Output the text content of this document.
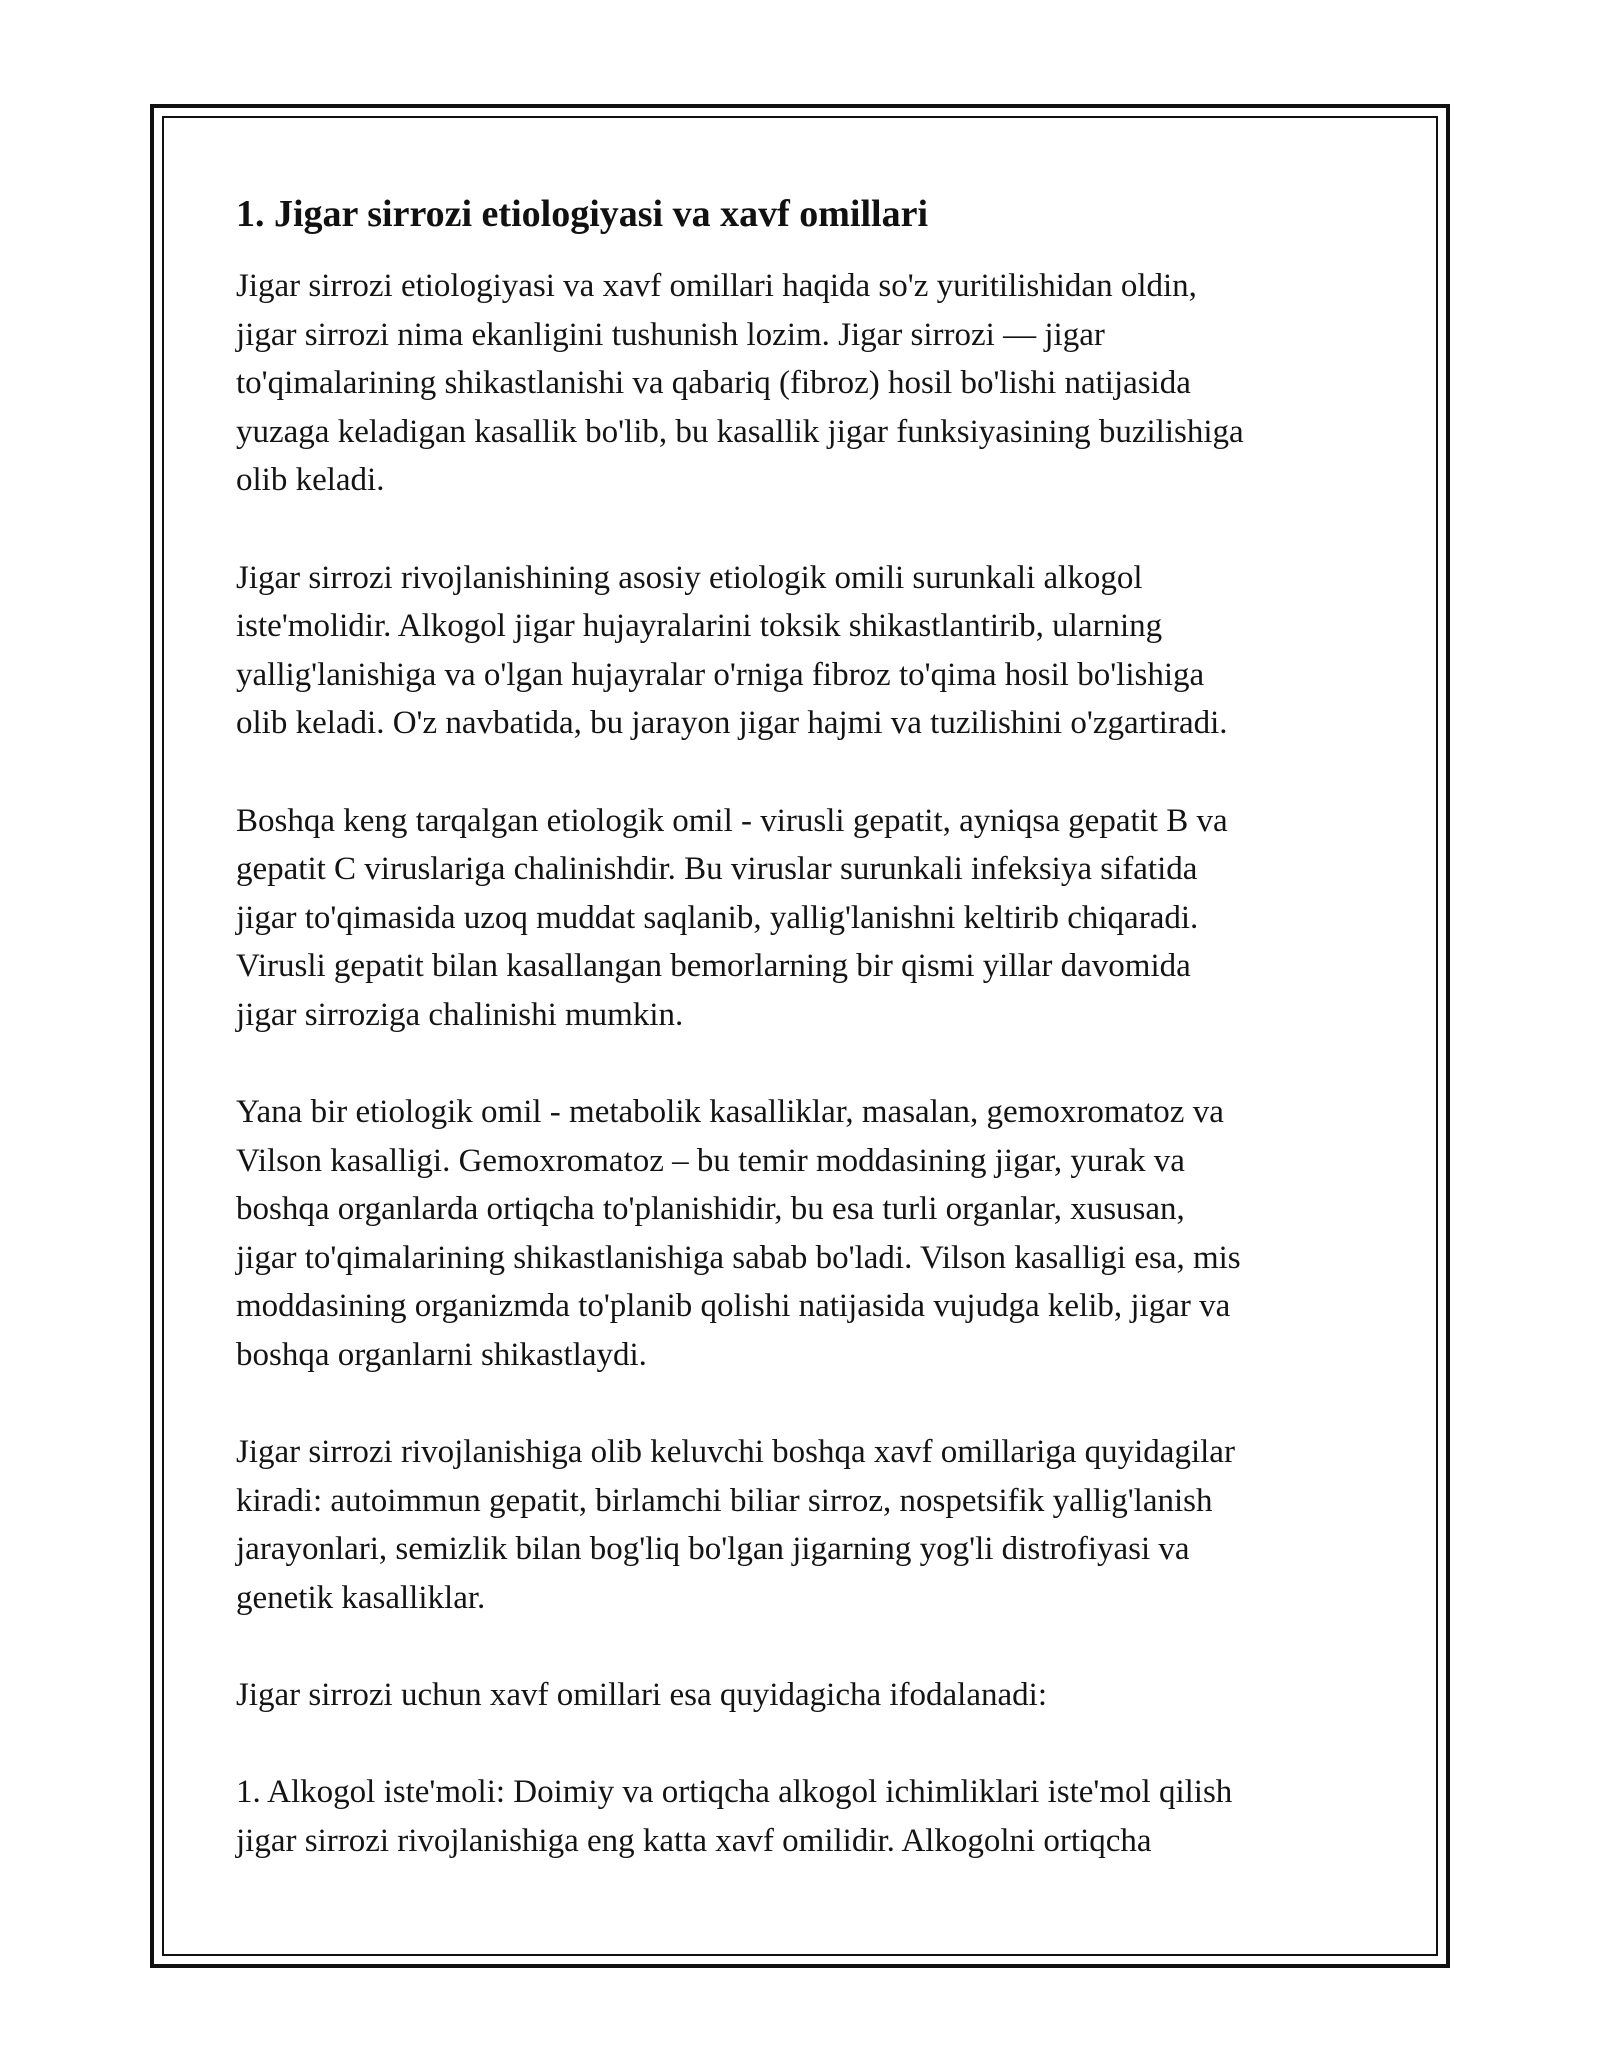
1. Jigar sirrozi etiologiyasi va xavf omillari

Jigar sirrozi etiologiyasi va xavf omillari haqida so'z yuritilishidan oldin,
jigar sirrozi nima ekanligini tushunish lozim. Jigar sirrozi — jigar
to'qimalarining shikastlanishi va qabariq (fibroz) hosil bo'lishi natijasida
yuzaga keladigan kasallik bo'lib, bu kasallik jigar funksiyasining buzilishiga
olib keladi.

Jigar sirrozi rivojlanishining asosiy etiologik omili surunkali alkogol
iste'molidir. Alkogol jigar hujayralarini toksik shikastlantirib, ularning
yallig'lanishiga va o'lgan hujayralar o'rniga fibroz to'qima hosil bo'lishiga
olib keladi. O'z navbatida, bu jarayon jigar hajmi va tuzilishini o'zgartiradi.

Boshqa keng tarqalgan etiologik omil - virusli gepatit, ayniqsa gepatit B va
gepatit C viruslariga chalinishdir. Bu viruslar surunkali infeksiya sifatida
jigar to'qimasida uzoq muddat saqlanib, yallig'lanishni keltirib chiqaradi.
Virusli gepatit bilan kasallangan bemorlarning bir qismi yillar davomida
jigar sirroziga chalinishi mumkin.

Yana bir etiologik omil - metabolik kasalliklar, masalan, gemoxromatoz va
Vilson kasalligi. Gemoxromatoz – bu temir moddasining jigar, yurak va
boshqa organlarda ortiqcha to'planishidir, bu esa turli organlar, xususan,
jigar to'qimalarining shikastlanishiga sabab bo'ladi. Vilson kasalligi esa, mis
moddasining organizmda to'planib qolishi natijasida vujudga kelib, jigar va
boshqa organlarni shikastlaydi.

Jigar sirrozi rivojlanishiga olib keluvchi boshqa xavf omillariga quyidagilar
kiradi: autoimmun gepatit, birlamchi biliar sirroz, nospetsifik yallig'lanish
jarayonlari, semizlik bilan bog'liq bo'lgan jigarning yog'li distrofiyasi va
genetik kasalliklar.

Jigar sirrozi uchun xavf omillari esa quyidagicha ifodalanadi:

1. Alkogol iste'moli: Doimiy va ortiqcha alkogol ichimliklari iste'mol qilish
jigar sirrozi rivojlanishiga eng katta xavf omilidir. Alkogolni ortiqcha
